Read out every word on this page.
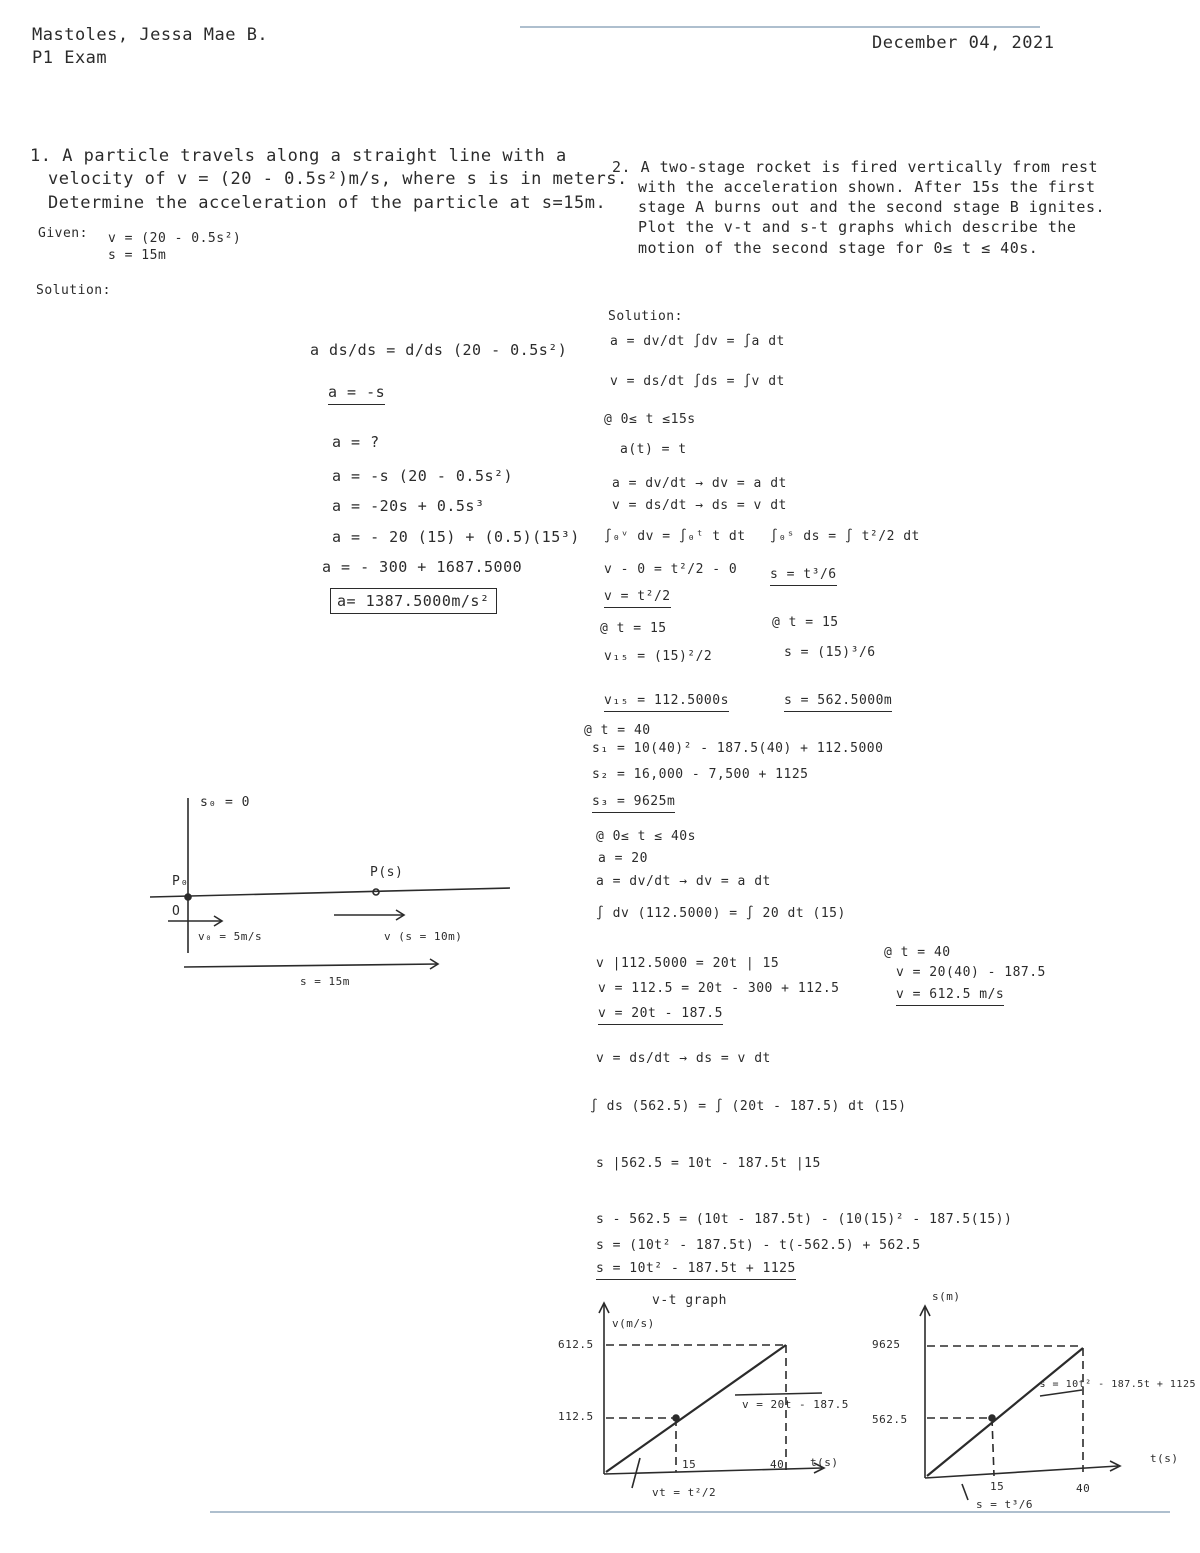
Mastoles, Jessa Mae B.
P1 Exam
December 04, 2021
1. A particle travels along a straight line with a
velocity of v = (20 - 0.5s²)m/s, where s is in meters.
Determine the acceleration of the particle at s=15m.
Given: v = (20 - 0.5s²)
s = 15m
Solution:
a ds/ds = d/ds (20 - 0.5s²)
a = -s
a = ?
a = -s (20 - 0.5s²)
a = -20s + 0.5s³
a = - 20 (15) + (0.5)(15³)
a = - 300 + 1687.5000
a= 1387.5000m/s²
s₀ = 0
P₀
O
P(s)
v₀ = 5m/s	v (s = 10m)
s = 15m
2. A two-stage rocket is fired vertically from rest
with the acceleration shown. After 15s the first
stage A burns out and the second stage B ignites.
Plot the v-t and s-t graphs which describe the
motion of the second stage for 0≤ t ≤ 40s.
Solution:
a = dv/dt ∫dv = ∫a dt
v = ds/dt ∫ds = ∫v dt
@ 0≤ t ≤15s
a(t) = t
a = dv/dt → dv = a dt
v = ds/dt → ds = v dt
∫₀ᵛ dv = ∫₀ᵗ t dt
v - 0 = t²/2 - 0
v = t²/2
@ t = 15
v₁₅ = (15)²/2
v₁₅ = 112.5000s
∫₀ˢ ds = ∫ t²/2 dt
s = t³/6
@ t = 15
s = (15)³/6
s = 562.5000m
@ t = 40
s₁ = 10(40)² - 187.5(40) + 112.5000
s₂ = 16,000 - 7,500 + 1125
s₃ = 9625m
@ 0≤ t ≤ 40s
a = 20
a = dv/dt → dv = a dt
∫ dv (112.5000) = ∫ 20 dt (15)
v |112.5000 = 20t | 15
v = 112.5 = 20t - 300 + 112.5
v = 20t - 187.5
@ t = 40
v = 20(40) - 187.5
v = 612.5 m/s
v = ds/dt → ds = v dt
∫ ds (562.5) = ∫ (20t - 187.5) dt (15)
s |562.5 = 10t - 187.5t |15
s - 562.5 = (10t - 187.5t) - (10(15)² - 187.5(15))
s = (10t² - 187.5t) - t(-562.5) + 562.5
s = 10t² - 187.5t + 1125
v-t graph
v(m/s)
612.5
112.5
15	40 t(s)
v = 20t - 187.5
vt = t²/2
s(m)
9625
562.5
15	40
t(s)
s = 10t² - 187.5t + 1125
s = t³/6
